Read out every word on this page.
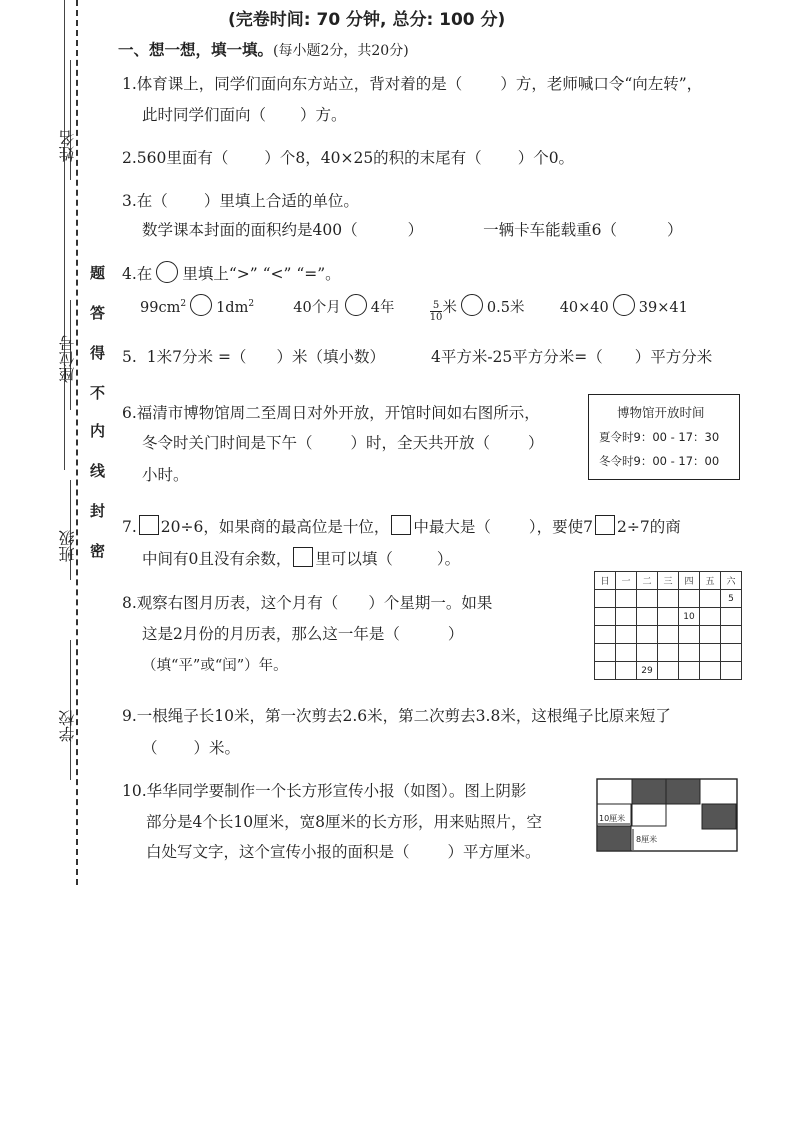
姓名
座位号
班级
学校
题
答
得
不
内
线
封
密
(完卷时间: 70 分钟, 总分: 100 分)
一、想一想，填一填。(每小题2分，共20分)
1.体育课上，同学们面向东方站立，背对着的是（ ）方，老师喊口令“向左转”，
此时同学们面向（ ）方。
2.560里面有（ ）个8，40×25的积的末尾有（ ）个0。
3.在（ ）里填上合适的单位。
数学课本封面的面积约是400（	）	一辆卡车能载重6（	）
4.在 里填上“>” “<” “=”。
$99cm^2$ $1dm^2$	40个月 4年	$\frac{5}{10}$ 米 0.5米 40×40 39×41
5. 1米7分米 =（ ）米（填小数）	4平方米-25平方分米=（ ）平方分米
6.福清市博物馆周二至周日对外开放，开馆时间如右图所示，
冬令时关门时间是下午（ ）时，全天共开放（ ）
小时。
博物馆开放时间
夏令时9：00 - 17：30
冬令时9：00 - 17：00
7. 20÷6，如果商的最高位是十位， 中最大是（ ），要使7 2÷7的商
中间有0且没有余数， 里可以填（	）。
8.观察右图月历表，这个月有（ ）个星期一。如果
这是2月份的月历表，那么这一年是（	）
（填“平”或“闰”）年。
日	一	二	三	四	五	六
						5
				10		

		29				
9.一根绳子长10米，第一次剪去2.6米，第二次剪去3.8米，这根绳子比原来短了
（ ）米。
10.华华同学要制作一个长方形宣传小报（如图）。图上阴影
部分是4个长10厘米，宽8厘米的长方形，用来贴照片，空
白处写文字，这个宣传小报的面积是（ ）平方厘米。
10厘米
8厘米
